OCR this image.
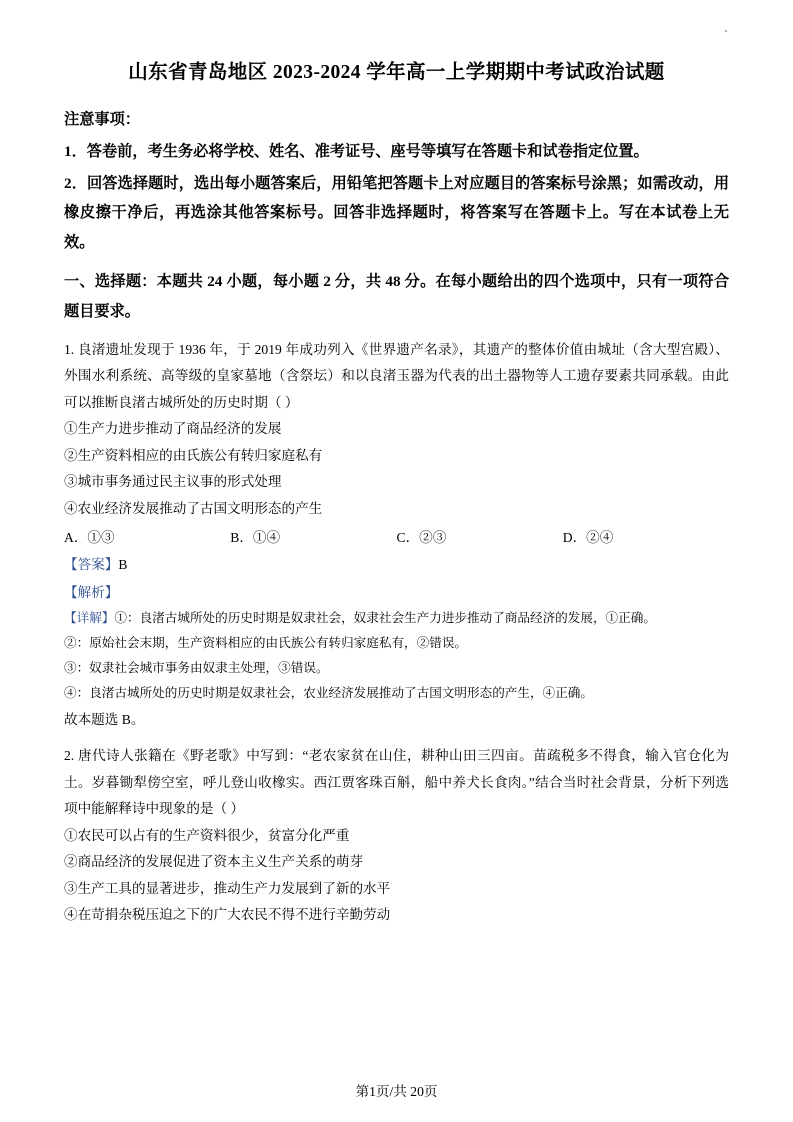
山东省青岛地区 2023-2024 学年高一上学期期中考试政治试题
注意事项：
1．答卷前，考生务必将学校、姓名、准考证号、座号等填写在答题卡和试卷指定位置。
2．回答选择题时，选出每小题答案后，用铅笔把答题卡上对应题目的答案标号涂黑；如需改动，用橡皮擦干净后，再选涂其他答案标号。回答非选择题时，将答案写在答题卡上。写在本试卷上无效。
一、选择题：本题共 24 小题，每小题 2 分，共 48 分。在每小题给出的四个选项中，只有一项符合题目要求。
1. 良渚遗址发现于 1936 年，于 2019 年成功列入《世界遗产名录》，其遗产的整体价值由城址（含大型宫殿）、外围水利系统、高等级的皇家墓地（含祭坛）和以良渚玉器为代表的出土器物等人工遗存要素共同承载。由此可以推断良渚古城所处的历史时期（ ）
①生产力进步推动了商品经济的发展
②生产资料相应的由氏族公有转归家庭私有
③城市事务通过民主议事的形式处理
④农业经济发展推动了古国文明形态的产生
A．①③	B．①④	C．②③	D．②④
【答案】B
【解析】
【详解】①：良渚古城所处的历史时期是奴隶社会，奴隶社会生产力进步推动了商品经济的发展，①正确。
②：原始社会末期，生产资料相应的由氏族公有转归家庭私有，②错误。
③：奴隶社会城市事务由奴隶主处理，③错误。
④：良渚古城所处的历史时期是奴隶社会，农业经济发展推动了古国文明形态的产生，④正确。
故本题选 B。
2. 唐代诗人张籍在《野老歌》中写到：“老农家贫在山住，耕种山田三四亩。苗疏税多不得食，输入官仓化为土。岁暮锄犁傍空室，呼儿登山收橡实。西江贾客珠百斛，船中养犬长食肉。”结合当时社会背景，分析下列选项中能解释诗中现象的是（ ）
①农民可以占有的生产资料很少，贫富分化严重
②商品经济的发展促进了资本主义生产关系的萌芽
③生产工具的显著进步，推动生产力发展到了新的水平
④在苛捐杂税压迫之下的广大农民不得不进行辛勤劳动
第1页/共 20页
